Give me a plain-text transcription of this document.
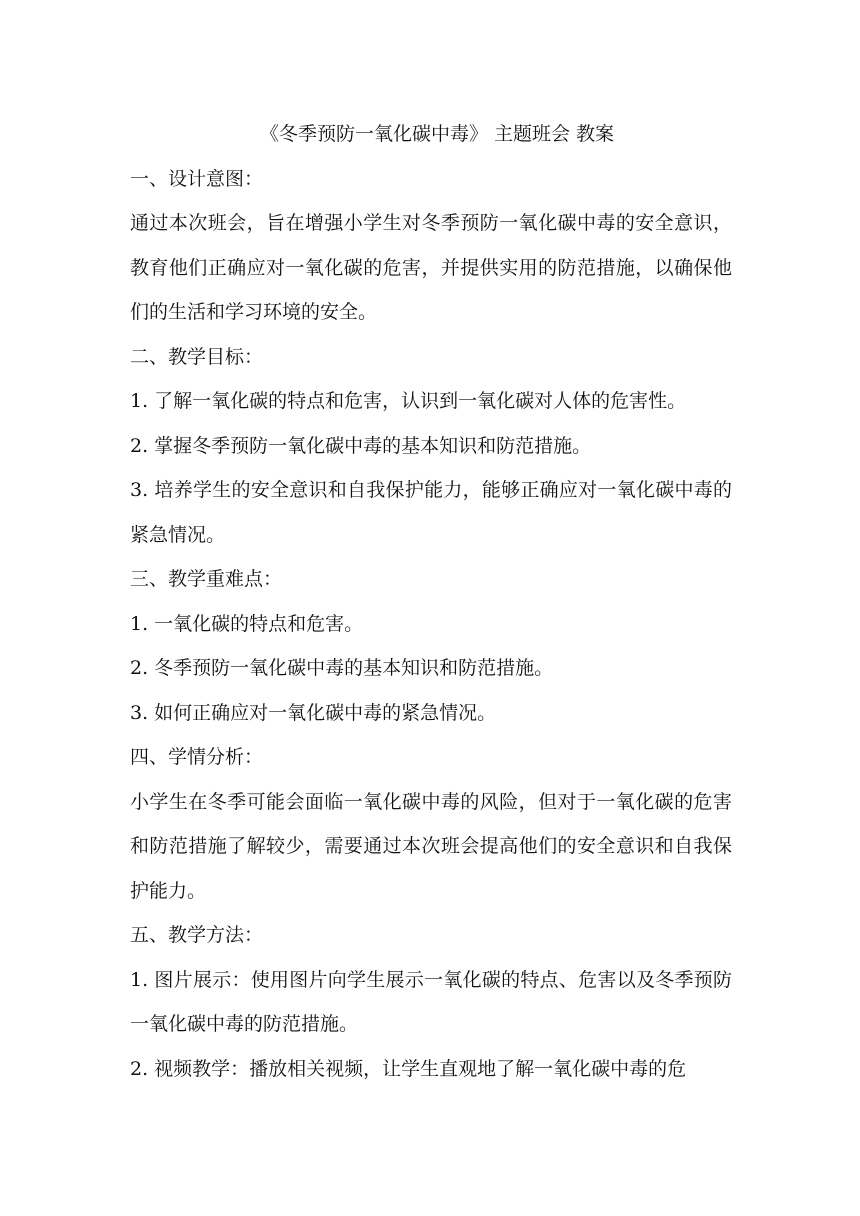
《冬季预防一氧化碳中毒》 主题班会 教案

一、设计意图：

通过本次班会，旨在增强小学生对冬季预防一氧化碳中毒的安全意识，教育他们正确应对一氧化碳的危害，并提供实用的防范措施，以确保他们的生活和学习环境的安全。

二、教学目标：

1. 了解一氧化碳的特点和危害，认识到一氧化碳对人体的危害性。

2. 掌握冬季预防一氧化碳中毒的基本知识和防范措施。

3. 培养学生的安全意识和自我保护能力，能够正确应对一氧化碳中毒的紧急情况。

三、教学重难点：

1. 一氧化碳的特点和危害。

2. 冬季预防一氧化碳中毒的基本知识和防范措施。

3. 如何正确应对一氧化碳中毒的紧急情况。

四、学情分析：

小学生在冬季可能会面临一氧化碳中毒的风险，但对于一氧化碳的危害和防范措施了解较少，需要通过本次班会提高他们的安全意识和自我保护能力。

五、教学方法：

1. 图片展示：使用图片向学生展示一氧化碳的特点、危害以及冬季预防一氧化碳中毒的防范措施。

2. 视频教学：播放相关视频，让学生直观地了解一氧化碳中毒的危
